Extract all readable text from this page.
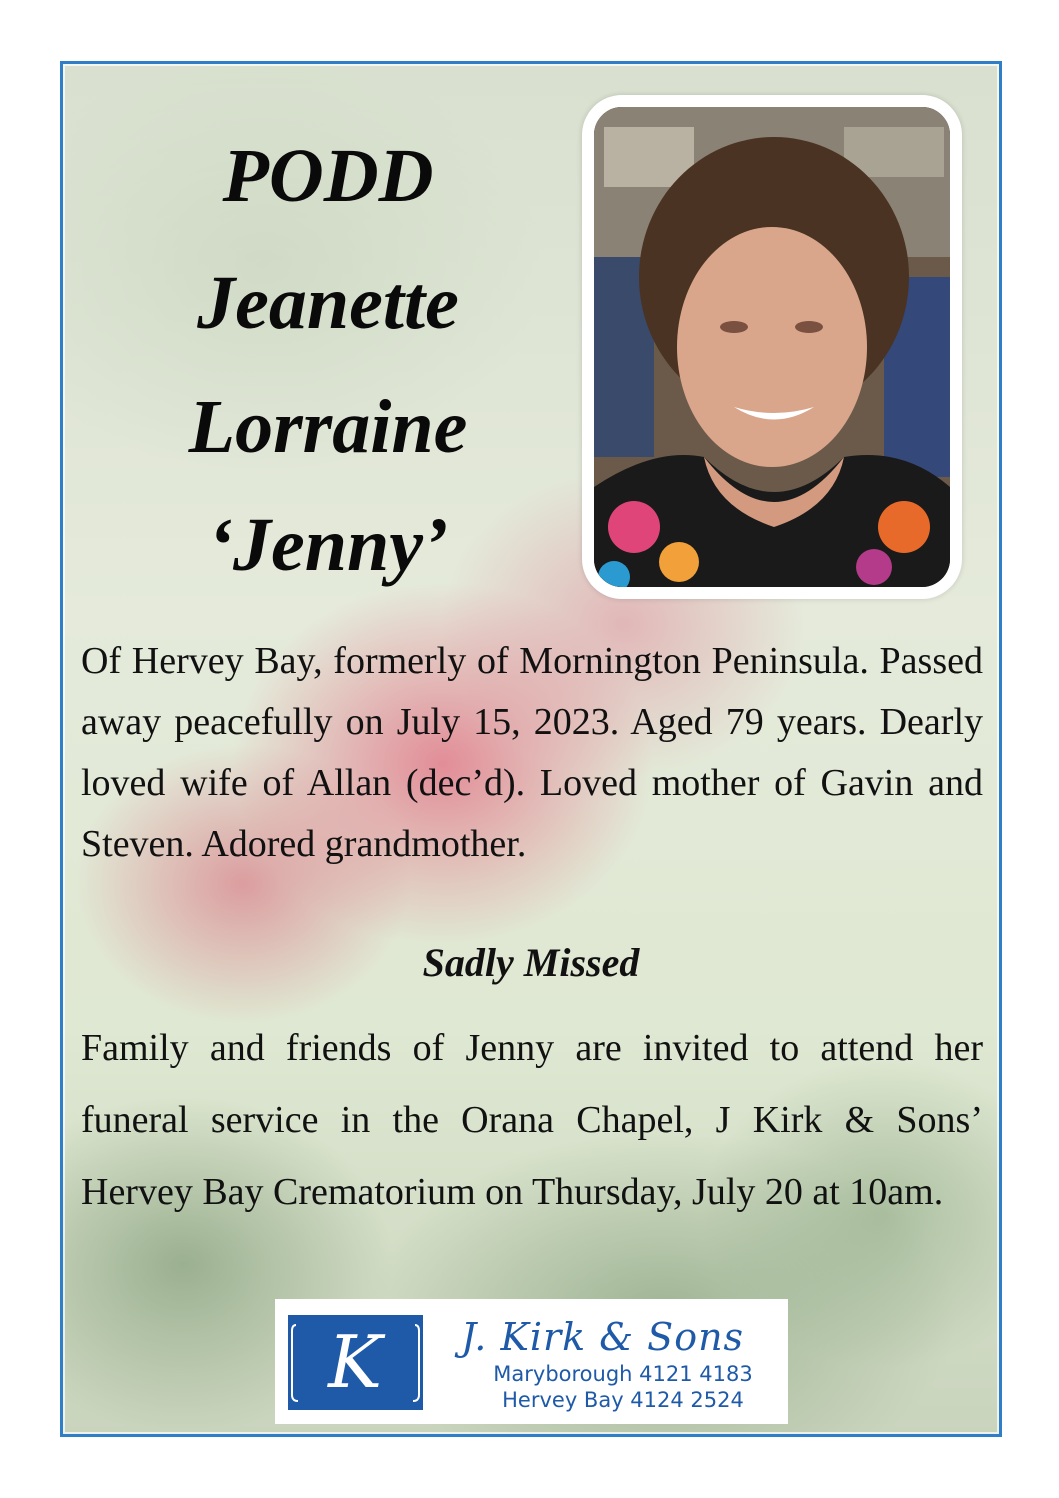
PODD
Jeanette
Lorraine
‘Jenny’

Of Hervey Bay, formerly of Mornington Peninsula. Passed away peacefully on July 15, 2023. Aged 79 years. Dearly loved wife of Allan (dec’d). Loved mother of Gavin and Steven. Adored grandmother.

Sadly Missed

Family and friends of Jenny are invited to attend her funeral service in the Orana Chapel, J Kirk & Sons’ Hervey Bay Crematorium on Thursday, July 20 at 10am.

K J. Kirk & Sons

Maryborough 4121 4183

Hervey Bay 4124 2524
